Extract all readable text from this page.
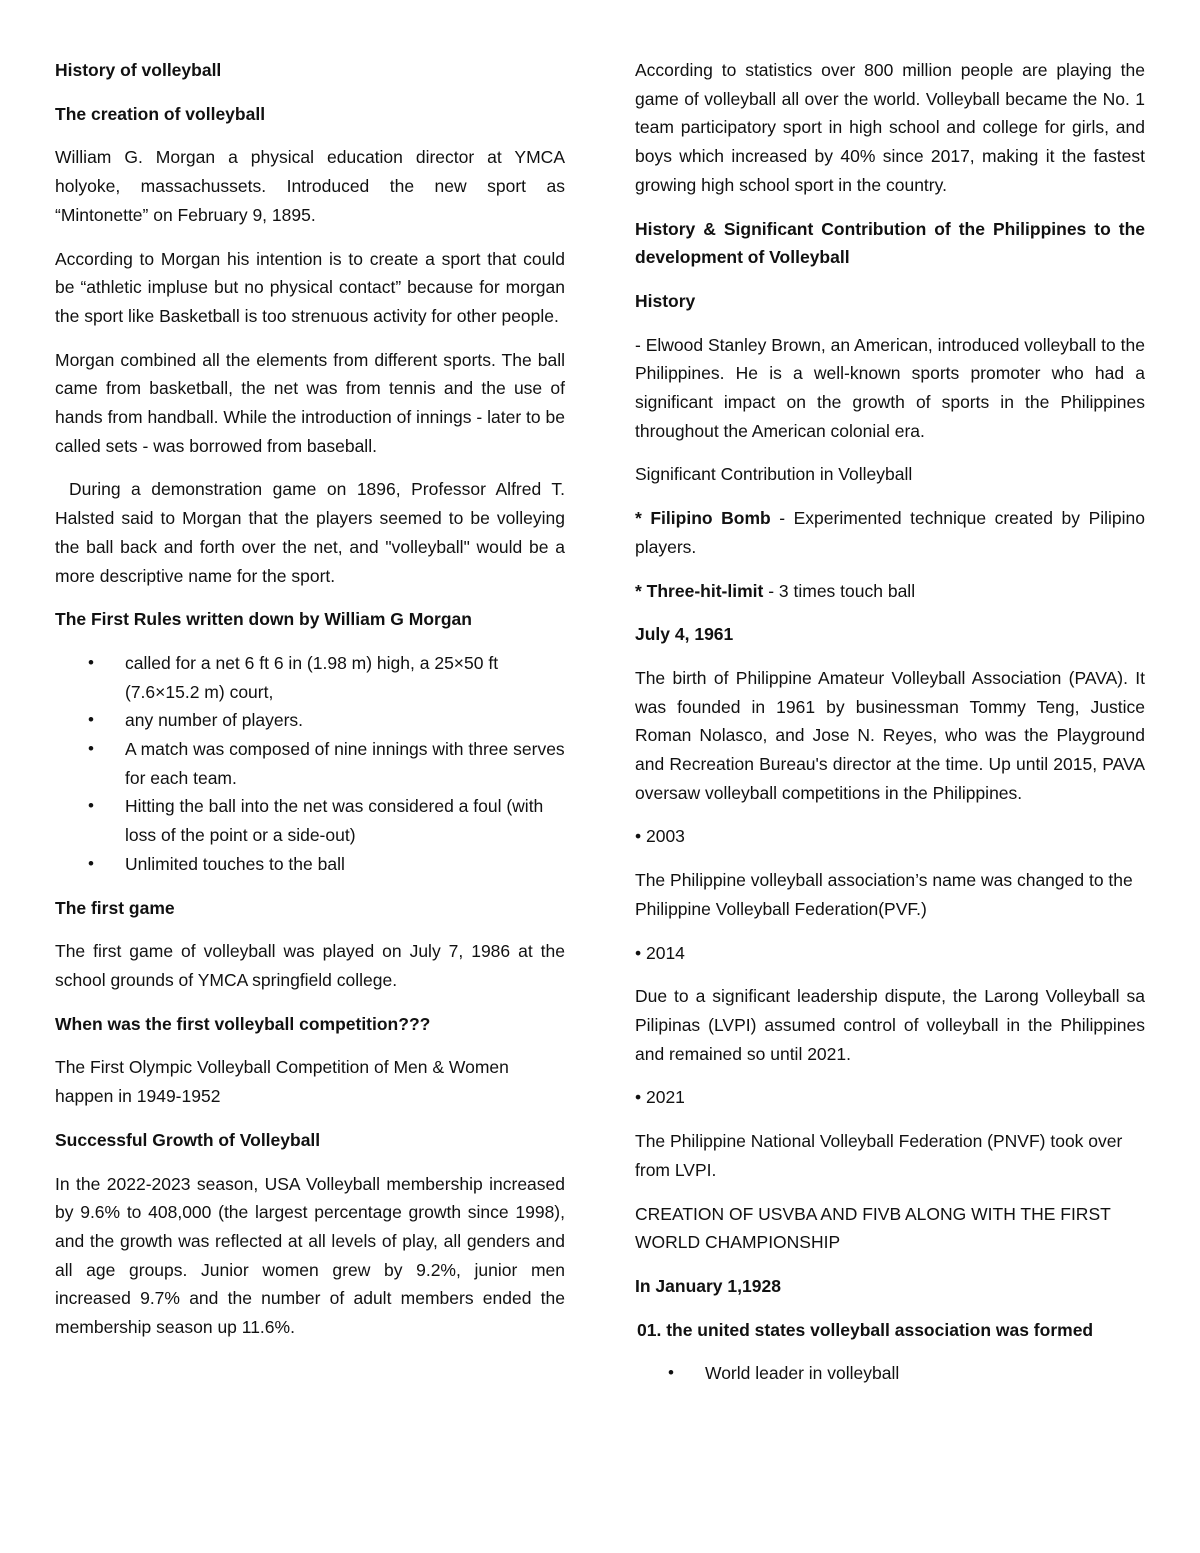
History of volleyball

The creation of volleyball

William G. Morgan a physical education director at YMCA holyoke, massachussets. Introduced the new sport as “Mintonette” on February 9, 1895.

According to Morgan his intention is to create a sport that could be “athletic impluse but no physical contact” because for morgan the sport like Basketball is too strenuous activity for other people.

Morgan combined all the elements from different sports. The ball came from basketball, the net was from tennis and the use of hands from handball. While the introduction of innings - later to be called sets - was borrowed from baseball.

During a demonstration game on 1896, Professor Alfred T. Halsted said to Morgan that the players seemed to be volleying the ball back and forth over the net, and "volleyball" would be a more descriptive name for the sport.

The First Rules written down by William G Morgan

• called for a net 6 ft 6 in (1.98 m) high, a 25×50 ft (7.6×15.2 m) court,
• any number of players.
• A match was composed of nine innings with three serves for each team.
• Hitting the ball into the net was considered a foul (with loss of the point or a side-out)
• Unlimited touches to the ball

The first game

The first game of volleyball was played on July 7, 1986 at the school grounds of YMCA springfield college.

When was the first volleyball competition???

The First Olympic Volleyball Competition of Men & Women happen in 1949-1952

Successful Growth of Volleyball

In the 2022-2023 season, USA Volleyball membership increased by 9.6% to 408,000 (the largest percentage growth since 1998), and the growth was reflected at all levels of play, all genders and all age groups. Junior women grew by 9.2%, junior men increased 9.7% and the number of adult members ended the membership season up 11.6%.

According to statistics over 800 million people are playing the game of volleyball all over the world. Volleyball became the No. 1 team participatory sport in high school and college for girls, and boys which increased by 40% since 2017, making it the fastest growing high school sport in the country.

History & Significant Contribution of the Philippines to the development of Volleyball

History

- Elwood Stanley Brown, an American, introduced volleyball to the Philippines. He is a well-known sports promoter who had a significant impact on the growth of sports in the Philippines throughout the American colonial era.

Significant Contribution in Volleyball

* Filipino Bomb - Experimented technique created by Pilipino players.

* Three-hit-limit - 3 times touch ball

July 4, 1961

The birth of Philippine Amateur Volleyball Association (PAVA). It was founded in 1961 by businessman Tommy Teng, Justice Roman Nolasco, and Jose N. Reyes, who was the Playground and Recreation Bureau's director at the time. Up until 2015, PAVA oversaw volleyball competitions in the Philippines.

• 2003

The Philippine volleyball association’s name was changed to the Philippine Volleyball Federation(PVF.)

• 2014

Due to a significant leadership dispute, the Larong Volleyball sa Pilipinas (LVPI) assumed control of volleyball in the Philippines and remained so until 2021.

• 2021

The Philippine National Volleyball Federation (PNVF) took over from LVPI.

CREATION OF USVBA AND FIVB ALONG WITH THE FIRST WORLD CHAMPIONSHIP

In January 1,1928

01. the united states volleyball association was formed

• World leader in volleyball
